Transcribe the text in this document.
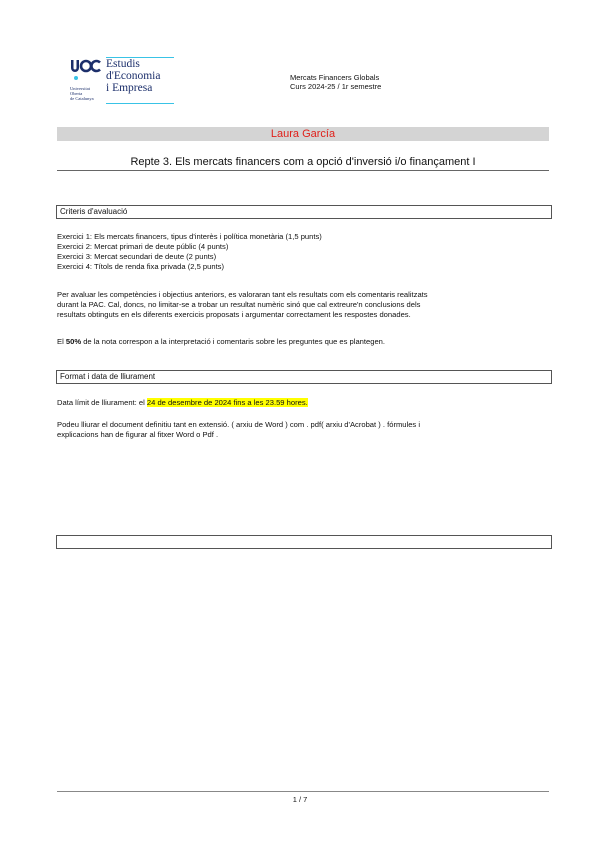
Universitat
Oberta
de Catalunya
Estudis
d'Economia
i Empresa
Mercats Financers Globals
Curs 2024-25 / 1r semestre
Laura García
Repte 3. Els mercats financers com a opció d'inversió i/o finançament I
Criteris d'avaluació
Exercici 1: Els mercats financers, tipus d'interès i política monetària (1,5 punts)
Exercici 2: Mercat primari de deute públic (4 punts)
Exercici 3: Mercat secundari de deute (2 punts)
Exercici 4: Títols de renda fixa privada (2,5 punts)
Per avaluar les competències i objectius anteriors, es valoraran tant els resultats com els comentaris realitzats
durant la PAC. Cal, doncs, no limitar-se a trobar un resultat numèric sinó que cal extreure'n conclusions dels
resultats obtinguts en els diferents exercicis proposats i argumentar correctament les respostes donades.
El 50% de la nota correspon a la interpretació i comentaris sobre les preguntes que es plantegen.
Format i data de lliurament
Data límit de lliurament: el 24 de desembre de 2024 fins a les 23.59 hores.
Podeu lliurar el document definitiu tant en extensió. ( arxiu de Word ) com . pdf( arxiu d'Acrobat ) . fórmules i
explicacions han de figurar al fitxer Word o Pdf .
1 / 7
